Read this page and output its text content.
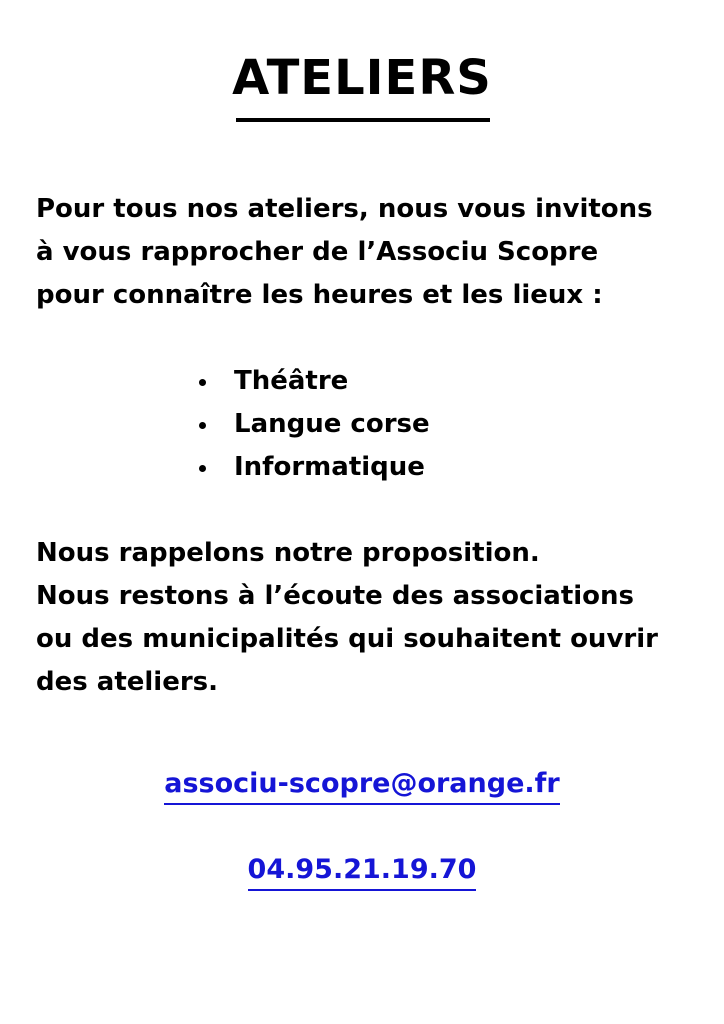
ATELIERS
Pour tous nos ateliers, nous vous invitons
à vous rapprocher de l’Associu Scopre
pour connaître les heures et les lieux :
Théâtre
Langue corse
Informatique
Nous rappelons notre proposition.
Nous restons à l’écoute des associations
ou des municipalités qui souhaitent ouvrir
des ateliers.
associu-scopre@orange.fr
04.95.21.19.70
